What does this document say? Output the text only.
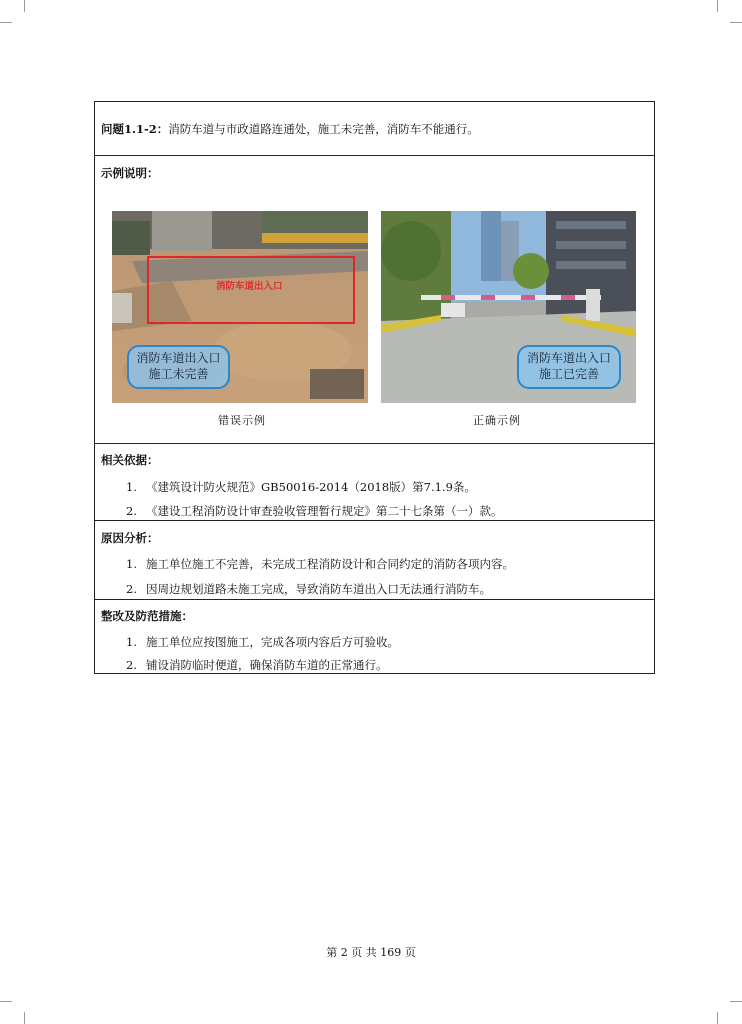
问题1.1-2：消防车道与市政道路连通处，施工未完善，消防车不能通行。
示例说明：
消防车道出入口
消防车道出入口
施工未完善
错误示例
消防车道出入口
施工已完善
正确示例
相关依据：
1. 《建筑设计防火规范》GB50016-2014（2018版）第7.1.9条。
2. 《建设工程消防设计审查验收管理暂行规定》第二十七条第（一）款。
原因分析：
1. 施工单位施工不完善，未完成工程消防设计和合同约定的消防各项内容。
2. 因周边规划道路未施工完成，导致消防车道出入口无法通行消防车。
整改及防范措施：
1. 施工单位应按图施工，完成各项内容后方可验收。
2. 铺设消防临时便道，确保消防车道的正常通行。
第 2 页 共 169 页
